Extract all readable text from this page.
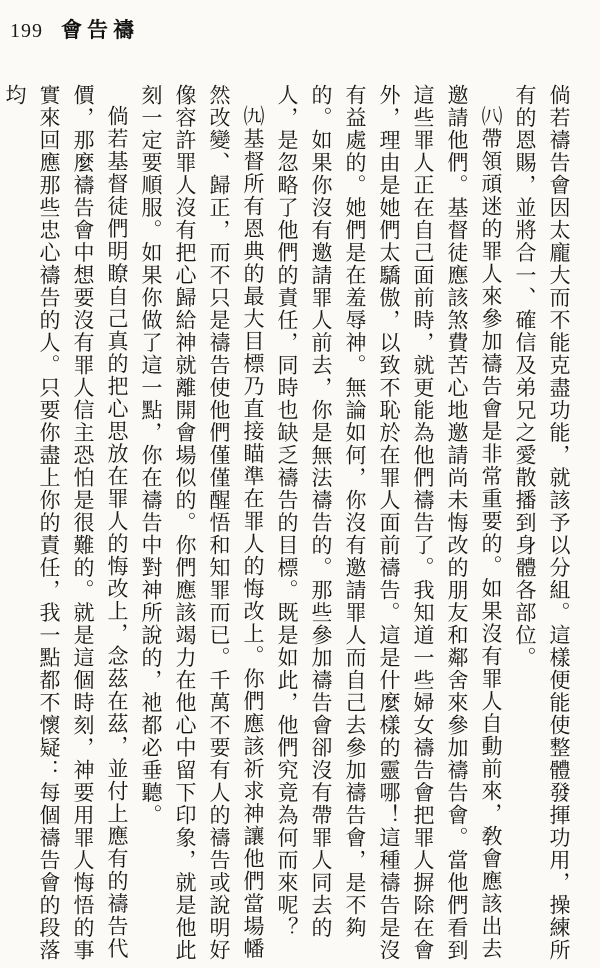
199 會告禱

倘若禱告會因太龐大而不能克盡功能，就該予以分組。這樣便能使整體發揮功用，操練所有的恩賜，並將合一、確信及弟兄之愛散播到身體各部位。

㈧帶領頑迷的罪人來參加禱告會是非常重要的。如果沒有罪人自動前來，敎會應該出去邀請他們。基督徒應該煞費苦心地邀請尚未悔改的朋友和鄰舍來參加禱告會。當他們看到這些罪人正在自己面前時，就更能為他們禱告了。我知道一些婦女禱告會把罪人摒除在會外，理由是她們太驕傲，以致不恥於在罪人面前禱告。這是什麼樣的靈哪！這種禱告是沒有益處的。她們是在羞辱神。無論如何，你沒有邀請罪人而自己去參加禱告會，是不夠的。如果你沒有邀請罪人前去，你是無法禱告的。那些參加禱告會卻沒有帶罪人同去的人，是忽略了他們的責任，同時也缺乏禱告的目標。既是如此，他們究竟為何而來呢？

㈨基督所有恩典的最大目標乃直接瞄準在罪人的悔改上。你們應該祈求神讓他們當場幡然改變、歸正，而不只是禱告使他們僅僅醒悟和知罪而已。千萬不要有人的禱告或說明好像容許罪人沒有把心歸給神就離開會場似的。你們應該竭力在他心中留下印象，就是他此刻一定要順服。如果你做了這一點，你在禱告中對神所說的，祂都必垂聽。

倘若基督徒們明瞭自己真的把心思放在罪人的悔改上，念茲在茲，並付上應有的禱告代價，那麼禱告會中想要沒有罪人信主恐怕是很難的。就是這個時刻，神要用罪人悔悟的事實來回應那些忠心禱告的人。只要你盡上你的責任，我一點都不懷疑：每個禱告會的段落均
